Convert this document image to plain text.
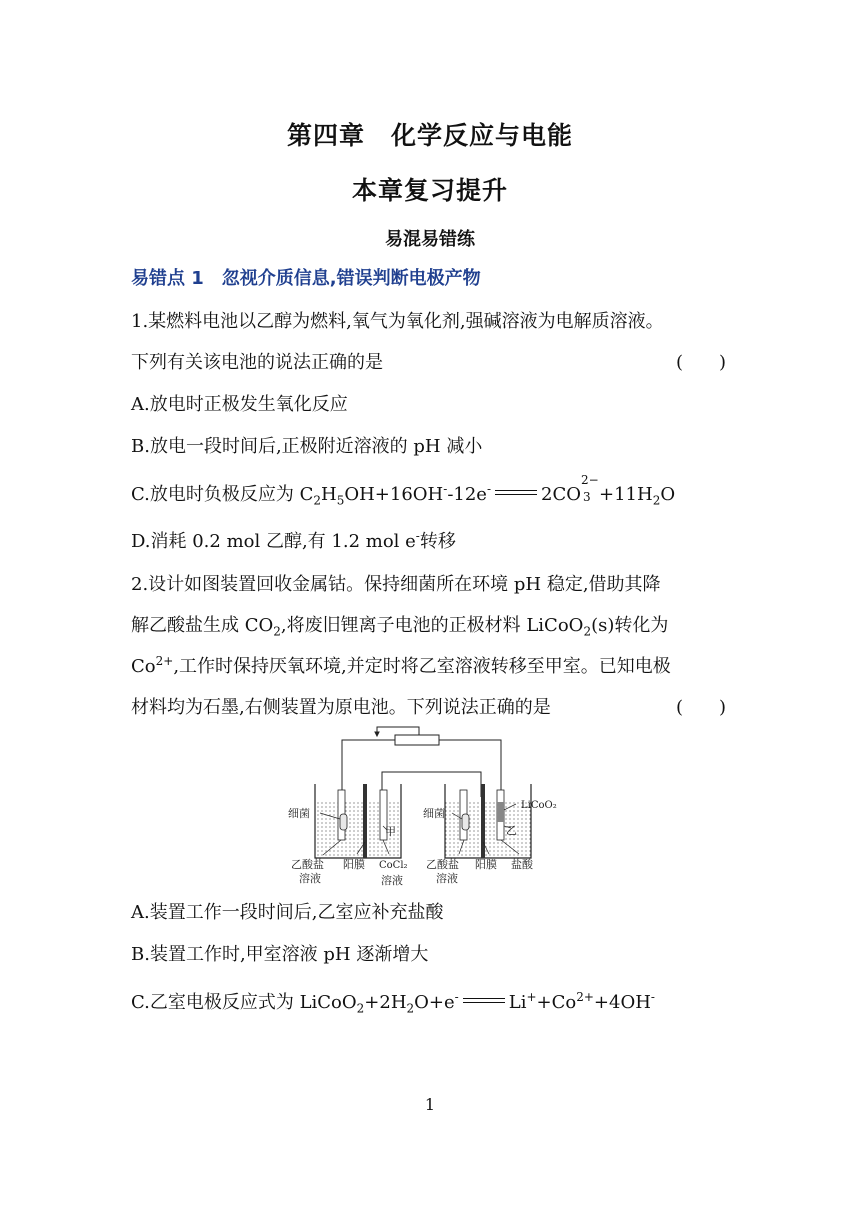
第四章　化学反应与电能
本章复习提升
易混易错练
易错点 1　忽视介质信息,错误判断电极产物
1.某燃料电池以乙醇为燃料,氧气为氧化剂,强碱溶液为电解质溶液。
下列有关该电池的说法正确的是	(　　)
A.放电时正极发生氧化反应
B.放电一段时间后,正极附近溶液的 pH 减小
C.放电时负极反应为 $C_2H_5OH+16OH^--12e^-$	2CO
2−
$3 +11H_2O$
D.消耗 0.2 mol 乙醇,有 1.2 mol e-转移
2.设计如图装置回收金属钴。保持细菌所在环境 pH 稳定,借助其降
解乙酸盐生成 $CO_2$,将废旧锂离子电池的正极材料 LiCoO$_2$(s)转化为
$Co^{2+}$,工作时保持厌氧环境,并定时将乙室溶液转移至甲室。已知电极
材料均为石墨,右侧装置为原电池。下列说法正确的是	(　　)
细菌	细菌
甲	乙
LiCoO₂
乙酸盐
溶液
阳膜 CoCl₂
溶液
乙酸盐
溶液
阳膜 盐酸
A.装置工作一段时间后,乙室应补充盐酸
B.装置工作时,甲室溶液 pH 逐渐增大
C.乙室电极反应式为 $LiCoO_2+2H_2O+e^-$	$Li^++Co^{2+}+4OH^-$
1
